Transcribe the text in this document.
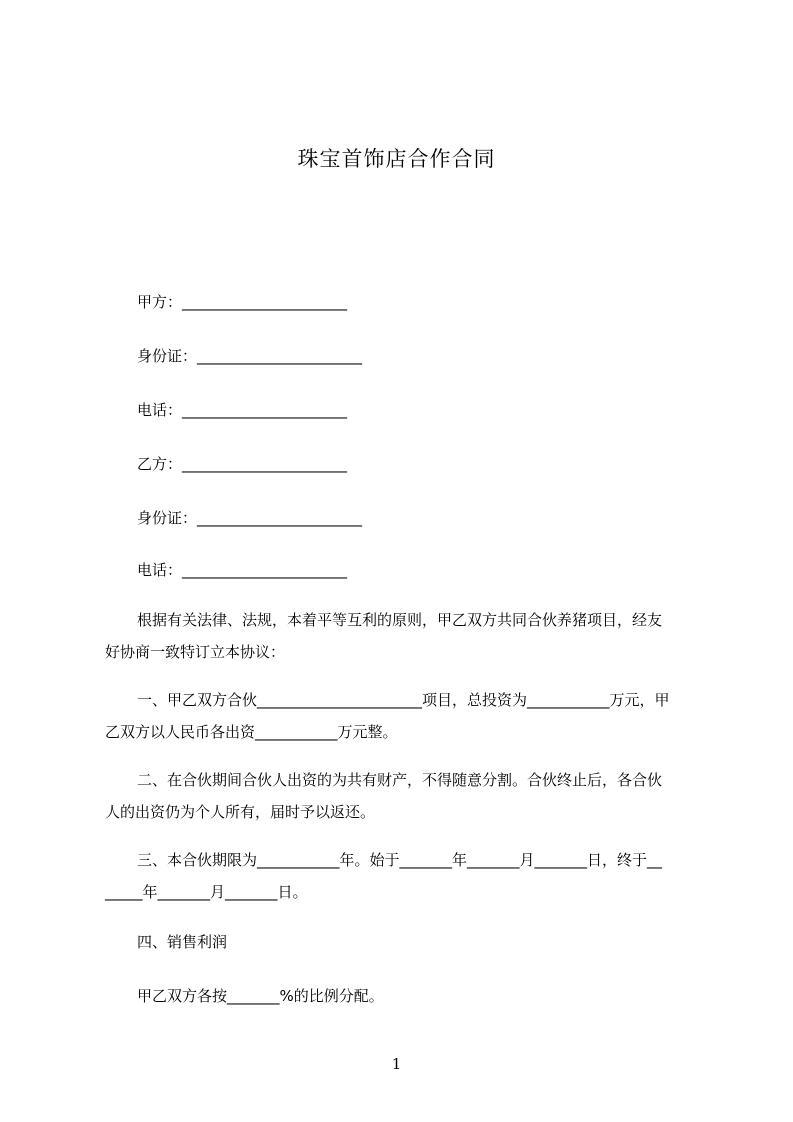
珠宝首饰店合作合同
甲方：______________________
身份证：______________________
电话：______________________
乙方：______________________
身份证：______________________
电话：______________________
根据有关法律、法规，本着平等互利的原则，甲乙双方共同合伙养猪项目，经友
好协商一致特订立本协议：
一、甲乙双方合伙______________________项目，总投资为___________万元，甲
乙双方以人民币各出资___________万元整。
二、在合伙期间合伙人出资的为共有财产，不得随意分割。合伙终止后，各合伙
人的出资仍为个人所有，届时予以返还。
三、本合伙期限为___________年。始于_______年_______月_______日，终于__
_____年_______月_______日。
四、销售利润
甲乙双方各按_______%的比例分配。
1
